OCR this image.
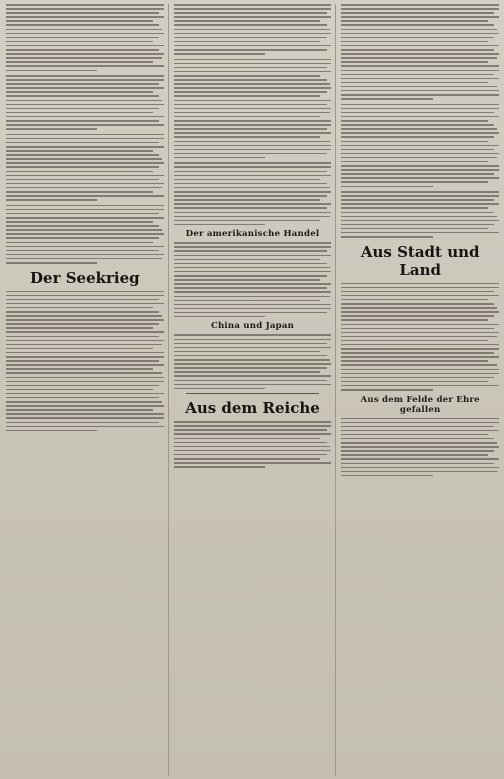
Der Seekrieg
Der amerikanische Handel
China und Japan
Aus dem Reiche
Aus Stadt und Land
Aus dem Felde der Ehre gefallen
